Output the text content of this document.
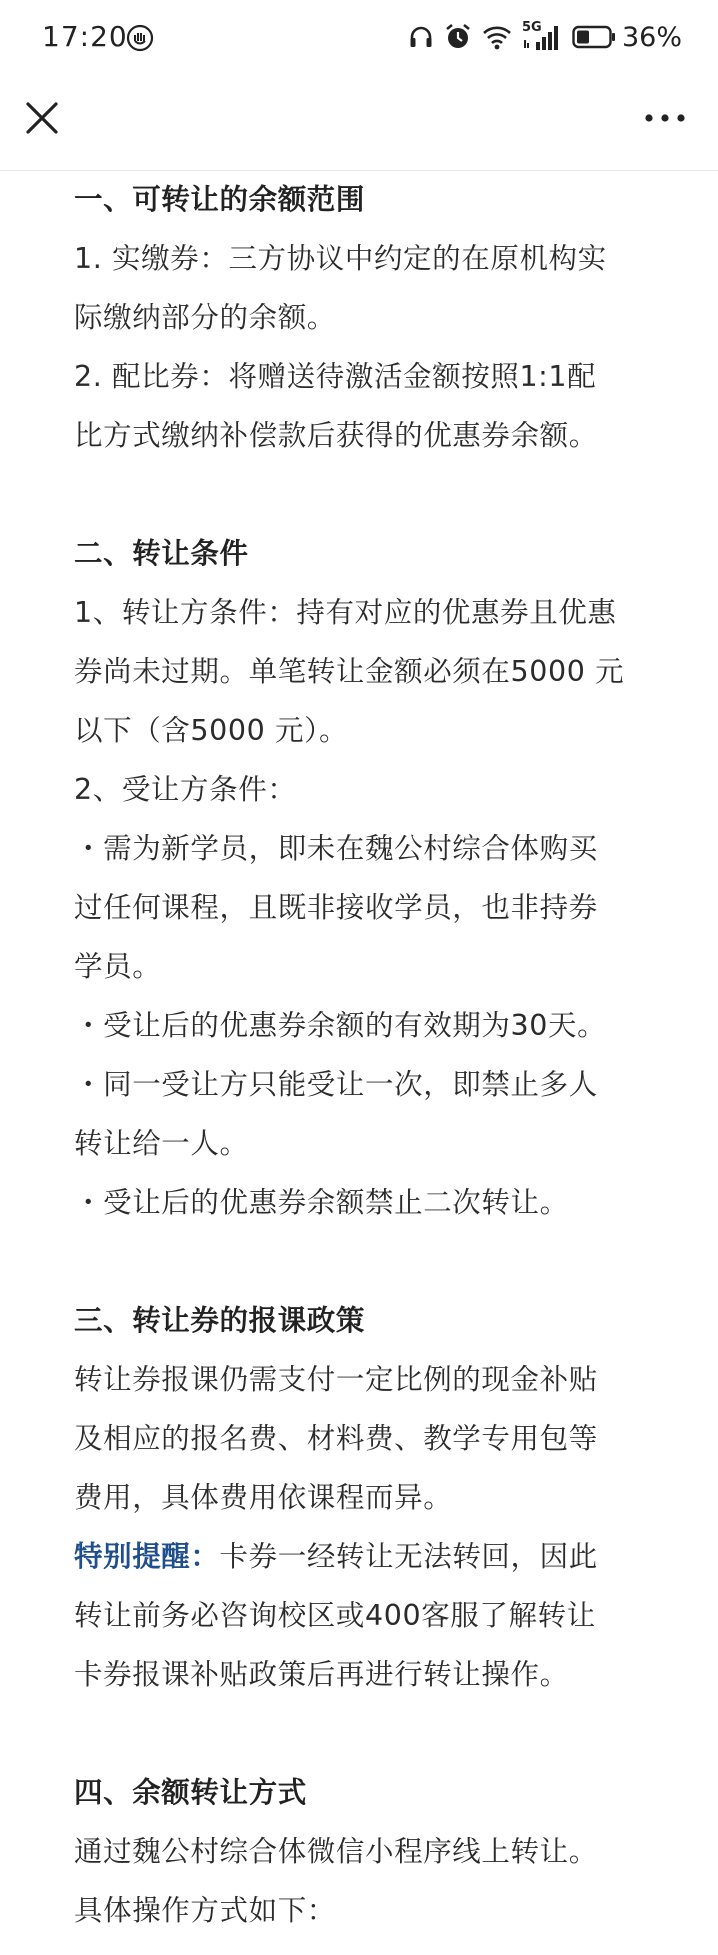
17:20	5G	36%
一、可转让的余额范围
1. 实缴券：三方协议中约定的在原机构实
际缴纳部分的余额。
2. 配比券：将赠送待激活金额按照1:1配
比方式缴纳补偿款后获得的优惠券余额。
二、转让条件
1、转让方条件：持有对应的优惠券且优惠
券尚未过期。单笔转让金额必须在5000 元
以下（含5000 元）。
2、受让方条件：
・需为新学员，即未在魏公村综合体购买
过任何课程，且既非接收学员，也非持券
学员。
・受让后的优惠券余额的有效期为30天。
・同一受让方只能受让一次，即禁止多人
转让给一人。
・受让后的优惠券余额禁止二次转让。
三、转让券的报课政策
转让券报课仍需支付一定比例的现金补贴
及相应的报名费、材料费、教学专用包等
费用，具体费用依课程而异。
特别提醒：卡券一经转让无法转回，因此
转让前务必咨询校区或400客服了解转让
卡券报课补贴政策后再进行转让操作。
四、余额转让方式
通过魏公村综合体微信小程序线上转让。
具体操作方式如下：
